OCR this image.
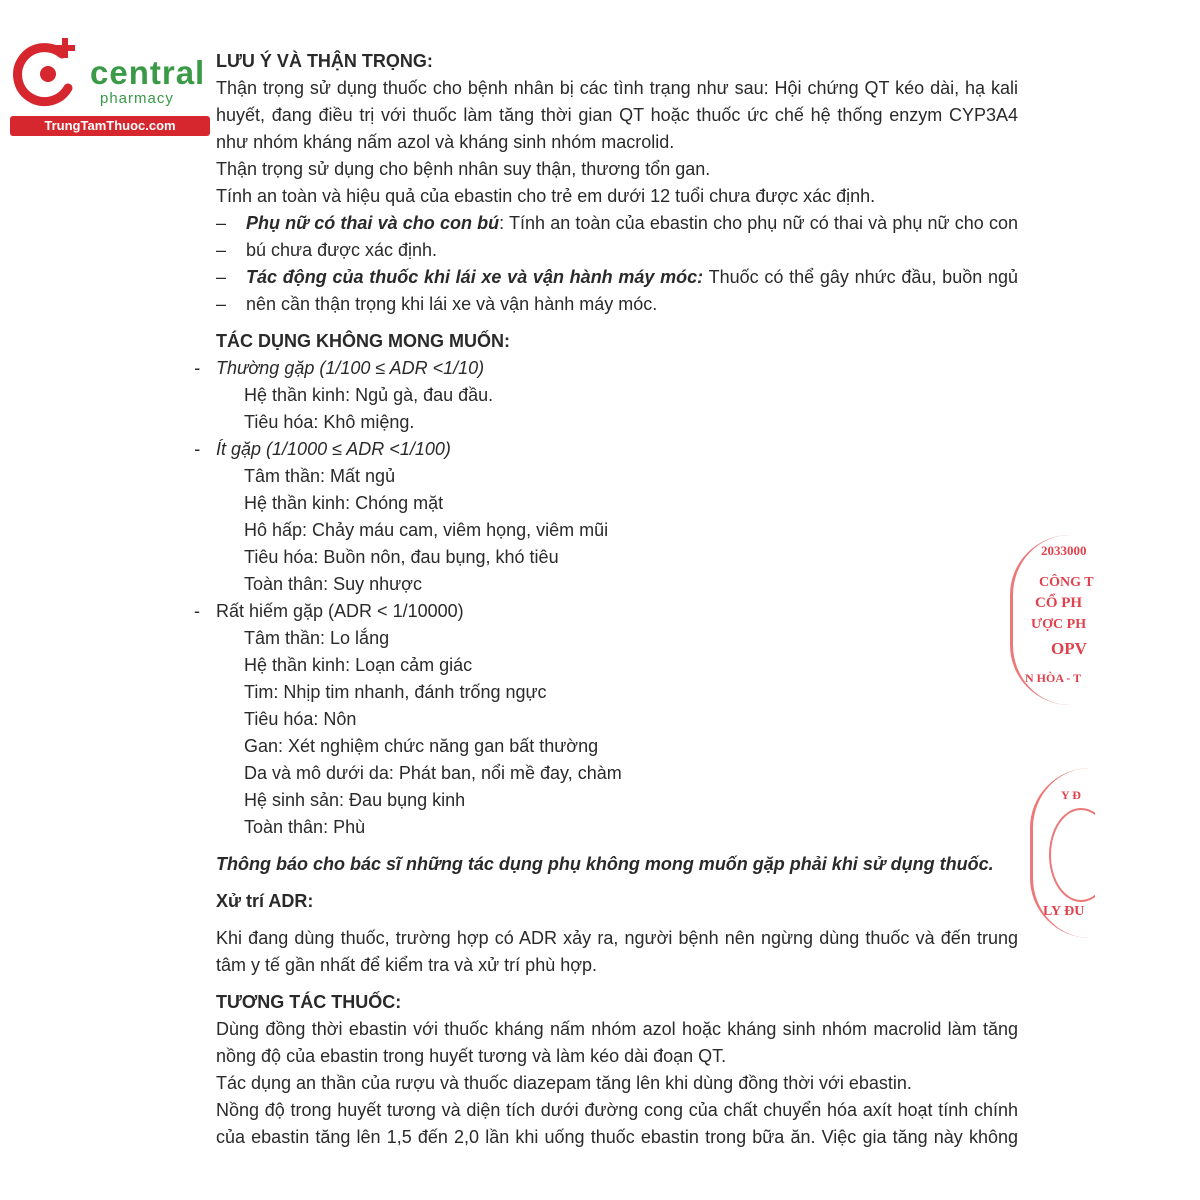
central
pharmacy
TrungTamThuoc.com

LƯU Ý VÀ THẬN TRỌNG:

Thận trọng sử dụng thuốc cho bệnh nhân bị các tình trạng như sau: Hội chứng QT kéo dài, hạ kali

huyết, đang điều trị với thuốc làm tăng thời gian QT hoặc thuốc ức chế hệ thống enzym CYP3A4

như nhóm kháng nấm azol và kháng sinh nhóm macrolid.

Thận trọng sử dụng cho bệnh nhân suy thận, thương tổn gan.

Tính an toàn và hiệu quả của ebastin cho trẻ em dưới 12 tuổi chưa được xác định.

– Phụ nữ có thai và cho con bú: Tính an toàn của ebastin cho phụ nữ có thai và phụ nữ cho con

– bú chưa được xác định.

– Tác động của thuốc khi lái xe và vận hành máy móc: Thuốc có thể gây nhức đầu, buồn ngủ

– nên cần thận trọng khi lái xe và vận hành máy móc.

TÁC DỤNG KHÔNG MONG MUỐN:

- Thường gặp (1/100 ≤ ADR <1/10)

Hệ thần kinh: Ngủ gà, đau đầu.

Tiêu hóa: Khô miệng.

- Ít gặp (1/1000 ≤ ADR <1/100)

Tâm thần: Mất ngủ

Hệ thần kinh: Chóng mặt

Hô hấp: Chảy máu cam, viêm họng, viêm mũi

Tiêu hóa: Buồn nôn, đau bụng, khó tiêu

Toàn thân: Suy nhược

- Rất hiếm gặp (ADR < 1/10000)

Tâm thần: Lo lắng

Hệ thần kinh: Loạn cảm giác

Tim: Nhịp tim nhanh, đánh trống ngực

Tiêu hóa: Nôn

Gan: Xét nghiệm chức năng gan bất thường

Da và mô dưới da: Phát ban, nổi mề đay, chàm

Hệ sinh sản: Đau bụng kinh

Toàn thân: Phù

Thông báo cho bác sĩ những tác dụng phụ không mong muốn gặp phải khi sử dụng thuốc.

Xử trí ADR:

Khi đang dùng thuốc, trường hợp có ADR xảy ra, người bệnh nên ngừng dùng thuốc và đến trung

tâm y tế gần nhất để kiểm tra và xử trí phù hợp.

TƯƠNG TÁC THUỐC:

Dùng đồng thời ebastin với thuốc kháng nấm nhóm azol hoặc kháng sinh nhóm macrolid làm tăng

nồng độ của ebastin trong huyết tương và làm kéo dài đoạn QT.

Tác dụng an thần của rượu và thuốc diazepam tăng lên khi dùng đồng thời với ebastin.

Nồng độ trong huyết tương và diện tích dưới đường cong của chất chuyển hóa axít hoạt tính chính

của ebastin tăng lên 1,5 đến 2,0 lần khi uống thuốc ebastin trong bữa ăn. Việc gia tăng này không

2033000
CÔNG T
CỔ PH
ƯỢC PH
OPV
N HÒA - T
Y Đ
LY ĐU
